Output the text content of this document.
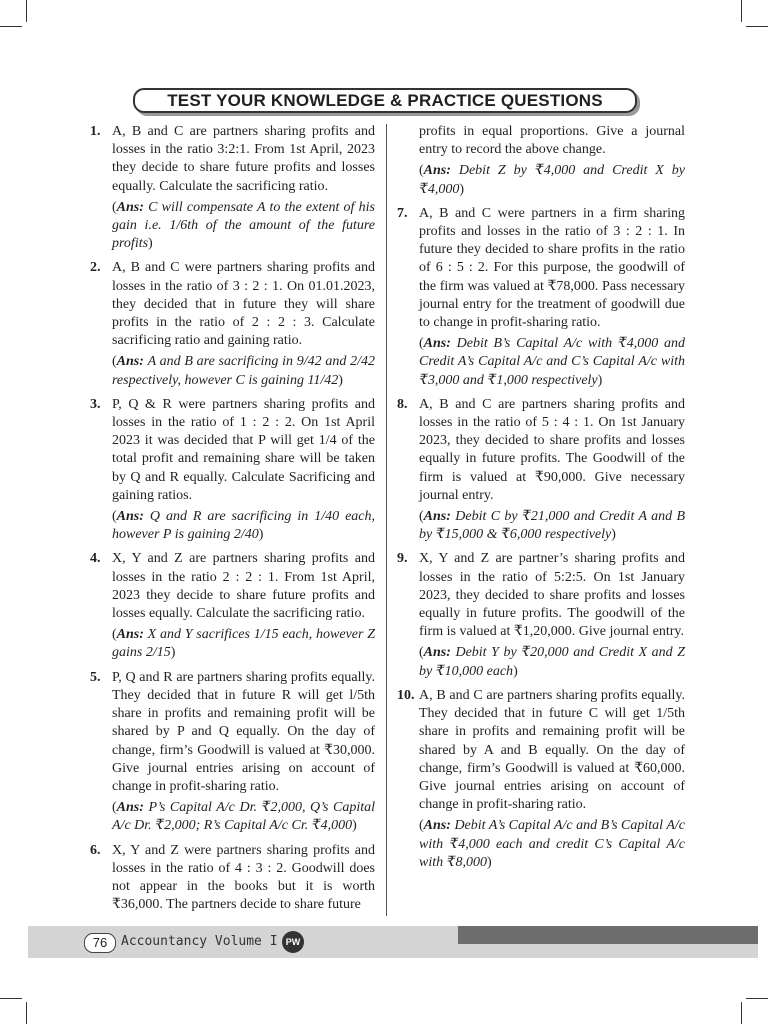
TEST YOUR KNOWLEDGE & PRACTICE QUESTIONS
1. A, B and C are partners sharing profits and losses in the ratio 3:2:1. From 1st April, 2023 they decide to share future profits and losses equally. Calculate the sacrificing ratio.
(Ans: C will compensate A to the extent of his gain i.e. 1/6th of the amount of the future profits)
2. A, B and C were partners sharing profits and losses in the ratio of 3 : 2 : 1. On 01.01.2023, they decided that in future they will share profits in the ratio of 2 : 2 : 3. Calculate sacrificing ratio and gaining ratio.
(Ans: A and B are sacrificing in 9/42 and 2/42 respectively, however C is gaining 11/42)
3. P, Q & R were partners sharing profits and losses in the ratio of 1 : 2 : 2. On 1st April 2023 it was decided that P will get 1/4 of the total profit and remaining share will be taken by Q and R equally. Calculate Sacrificing and gaining ratios.
(Ans: Q and R are sacrificing in 1/40 each, however P is gaining 2/40)
4. X, Y and Z are partners sharing profits and losses in the ratio 2 : 2 : 1. From 1st April, 2023 they decide to share future profits and losses equally. Calculate the sacrificing ratio.
(Ans: X and Y sacrifices 1/15 each, however Z gains 2/15)
5. P, Q and R are partners sharing profits equally. They decided that in future R will get l/5th share in profits and remaining profit will be shared by P and Q equally. On the day of change, firm’s Goodwill is valued at ₹30,000. Give journal entries arising on account of change in profit-sharing ratio.
(Ans: P’s Capital A/c Dr. ₹2,000, Q’s Capital A/c Dr. ₹2,000; R’s Capital A/c Cr. ₹4,000)
6. X, Y and Z were partners sharing profits and losses in the ratio of 4 : 3 : 2. Goodwill does not appear in the books but it is worth ₹36,000. The partners decide to share future
profits in equal proportions. Give a journal entry to record the above change.
(Ans: Debit Z by ₹4,000 and Credit X by ₹4,000)
7. A, B and C were partners in a firm sharing profits and losses in the ratio of 3 : 2 : 1. In future they decided to share profits in the ratio of 6 : 5 : 2. For this purpose, the goodwill of the firm was valued at ₹78,000. Pass necessary journal entry for the treatment of goodwill due to change in profit-sharing ratio.
(Ans: Debit B’s Capital A/c with ₹4,000 and Credit A’s Capital A/c and C’s Capital A/c with ₹3,000 and ₹1,000 respectively)
8. A, B and C are partners sharing profits and losses in the ratio of 5 : 4 : 1. On 1st January 2023, they decided to share profits and losses equally in future profits. The Goodwill of the firm is valued at ₹90,000. Give necessary journal entry.
(Ans: Debit C by ₹21,000 and Credit A and B by ₹15,000 & ₹6,000 respectively)
9. X, Y and Z are partner’s sharing profits and losses in the ratio of 5:2:5. On 1st January 2023, they decided to share profits and losses equally in future profits. The goodwill of the firm is valued at ₹1,20,000. Give journal entry.
(Ans: Debit Y by ₹20,000 and Credit X and Z by ₹10,000 each)
10. A, B and C are partners sharing profits equally. They decided that in future C will get 1/5th share in profits and remaining profit will be shared by A and B equally. On the day of change, firm’s Goodwill is valued at ₹60,000. Give journal entries arising on account of change in profit-sharing ratio.
(Ans: Debit A’s Capital A/c and B’s Capital A/c with ₹4,000 each and credit C’s Capital A/c with ₹8,000)
76	Accountancy Volume I PW
